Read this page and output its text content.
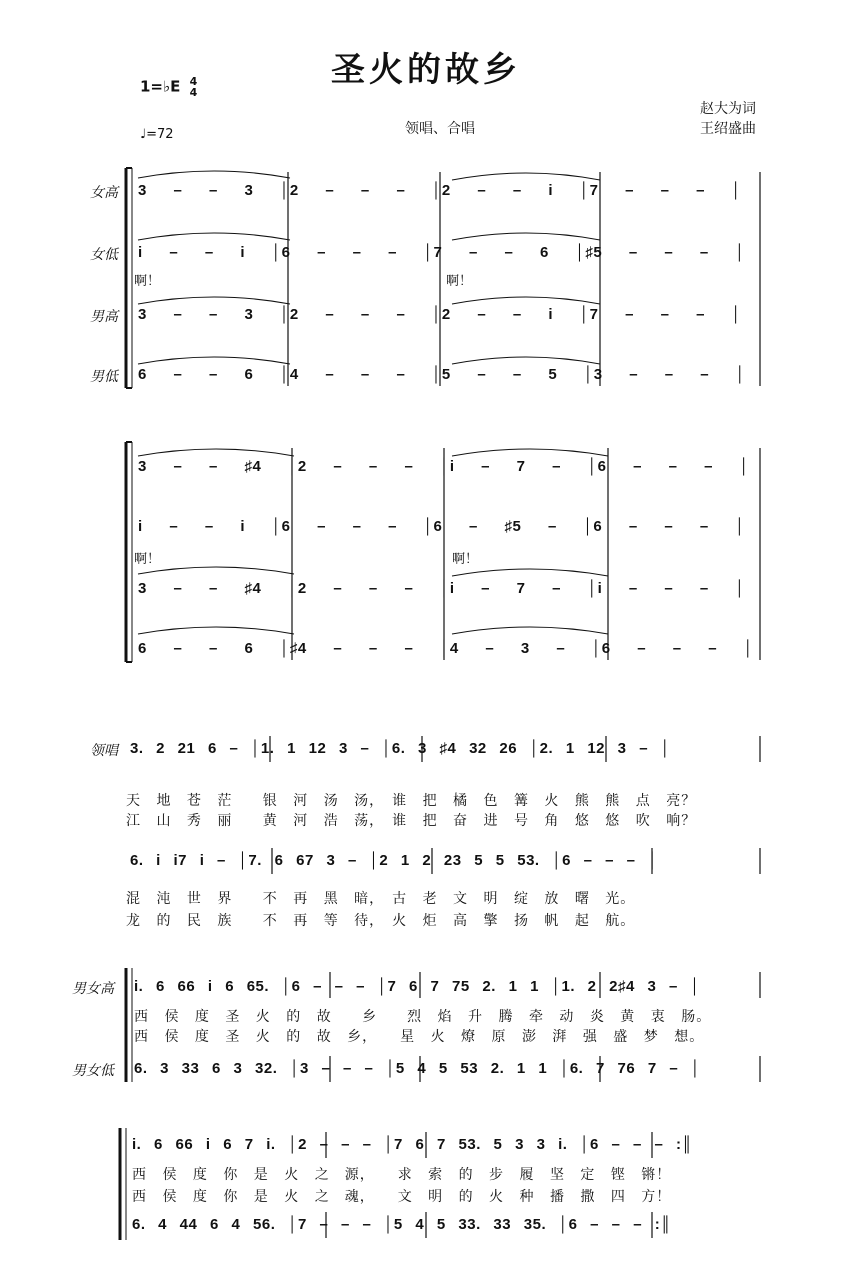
圣火的故乡
1=♭E 4
4
♩=72	领唱、合唱
赵大为词
王绍盛曲
女高
女低
男高
男低
3 – – 3 │2 – – – │2 – – i │7 – – – │
i – – i │6 – – – │7 – – 6 │♯5 – – – │
啊！	啊！
3 – – 3 │2 – – – │2 – – i │7 – – – │
6 – – 6 │4 – – – │5 – – 5 │3 – – – │
3 – – ♯4 │2 – – – │i – 7 – │6 – – – │
i – – i │6 – – – │6 – ♯5 – │6 – – – │
啊！	啊！
3 – – ♯4 │2 – – – │i – 7 – │i – – – │
6 – – 6 │♯4 – – – │4 – 3 – │6 – – – │
领唱 3. 2 21 6 – │1. 1 12 3 – │6. 3 ♯4 32 26 │2. 1 12 3 – │
天 地 苍 茫　 银 河 汤 汤，　谁 把 橘 色 篝 火 熊 熊 点 亮？
江 山 秀 丽　 黄 河 浩 荡，　谁 把 奋 进 号 角 悠 悠 吹 响？
6. i i7 i – │7. 6 67 3 – │2 1 2 23 5 5 53. │6 – – – │
混 沌 世 界　 不 再 黑 暗，　古 老 文 明 绽 放 曙 光。
龙 的 民 族　 不 再 等 待，　火 炬 高 擎 扬 帆 起 航。
男女高 i. 6 66 i 6 65. │6 – – – │7 6 7 75 2. 1 1 │1. 2 2♯4 3 – │
西 侯 度 圣 火 的 故　 乡　　烈 焰 升 腾 牵 动 炎 黄 衷 肠。
西 侯 度 圣 火 的 故 乡，　　星 火 燎 原 澎 湃 强 盛 梦 想。
男女低 6. 3 33 6 3 32. │3 – – – │5 4 5 53 2. 1 1 │6. 7 76 7 – │
i. 6 66 i 6 7 i. │2 – – – │7 6 7 53. 5 3 3 i. │6 – – – :║
西 侯 度 你 是 火 之　源，　　求 索 的 步 履 坚 定 铿 锵！
西 侯 度 你 是 火 之　魂，　　文 明 的 火 种 播 撒 四 方！
6. 4 44 6 4 56. │7 – – – │5 4 5 33. 33 35. │6 – – – :║
